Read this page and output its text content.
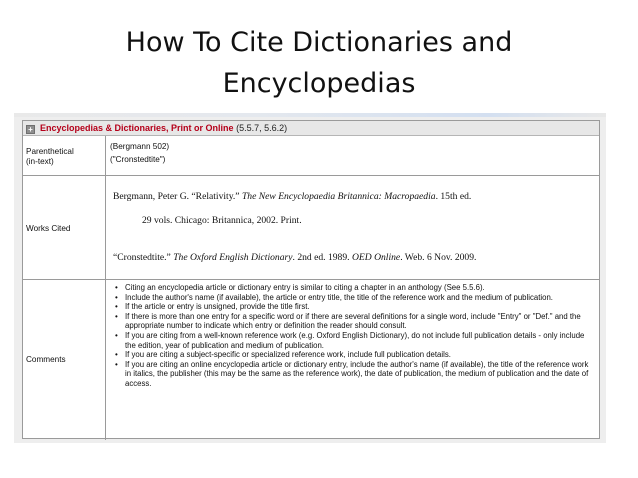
How To Cite Dictionaries and
Encyclopedias
+ Encyclopedias & Dictionaries, Print or Online (5.5.7, 5.6.2)
Parenthetical
(in-text)
(Bergmann 502)
("Cronstedtite")
Works Cited
Bergmann, Peter G. “Relativity.” The New Encyclopaedia Britannica: Macropaedia. 15th ed.
29 vols. Chicago: Britannica, 2002. Print.
“Cronstedtite.” The Oxford English Dictionary. 2nd ed. 1989. OED Online. Web. 6 Nov. 2009.
Comments
• Citing an encyclopedia article or dictionary entry is similar to citing a chapter in an anthology (See 5.5.6).
• Include the author's name (if available), the article or entry title, the title of the reference work and the medium of publication.
• If the article or entry is unsigned, provide the title first.
• If there is more than one entry for a specific word or if there are several definitions for a single word, include "Entry" or "Def." and the appropriate number to indicate which entry or definition the reader should consult.
• If you are citing from a well-known reference work (e.g. Oxford English Dictionary), do not include full publication details - only include the edition, year of publication and medium of publication.
• If you are citing a subject-specific or specialized reference work, include full publication details.
• If you are citing an online encyclopedia article or dictionary entry, include the author's name (if available), the title of the reference work in italics, the publisher (this may be the same as the reference work), the date of publication, the medium of publication and the date of access.
